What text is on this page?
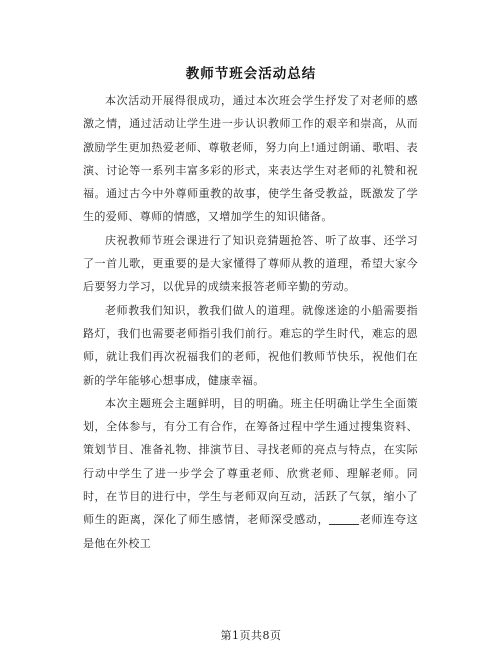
教师节班会活动总结

本次活动开展得很成功，通过本次班会学生抒发了对老师的感激之情，通过活动让学生进一步认识教师工作的艰辛和崇高，从而激励学生更加热爱老师、尊敬老师，努力向上!通过朗诵、歌唱、表演、讨论等一系列丰富多彩的形式，来表达学生对老师的礼赞和祝福。通过古今中外尊师重教的故事，使学生备受教益，既激发了学生的爱师、尊师的情感，又增加学生的知识储备。

庆祝教师节班会课进行了知识竞猜题抢答、听了故事、还学习了一首儿歌，更重要的是大家懂得了尊师从教的道理，希望大家今后要努力学习，以优异的成绩来报答老师辛勤的劳动。

老师教我们知识，教我们做人的道理。就像迷途的小船需要指路灯，我们也需要老师指引我们前行。难忘的学生时代，难忘的恩师，就让我们再次祝福我们的老师，祝他们教师节快乐，祝他们在新的学年能够心想事成，健康幸福。

本次主题班会主题鲜明，目的明确。班主任明确让学生全面策划，全体参与，有分工有合作，在筹备过程中学生通过搜集资料、策划节目、准备礼物、排演节目、寻找老师的亮点与特点，在实际行动中学生了进一步学会了尊重老师、欣赏老师、理解老师。同时，在节目的进行中，学生与老师双向互动，活跃了气氛，缩小了师生的距离，深化了师生感情，老师深受感动，	老师连夸这是他在外校工

第1页共8页
